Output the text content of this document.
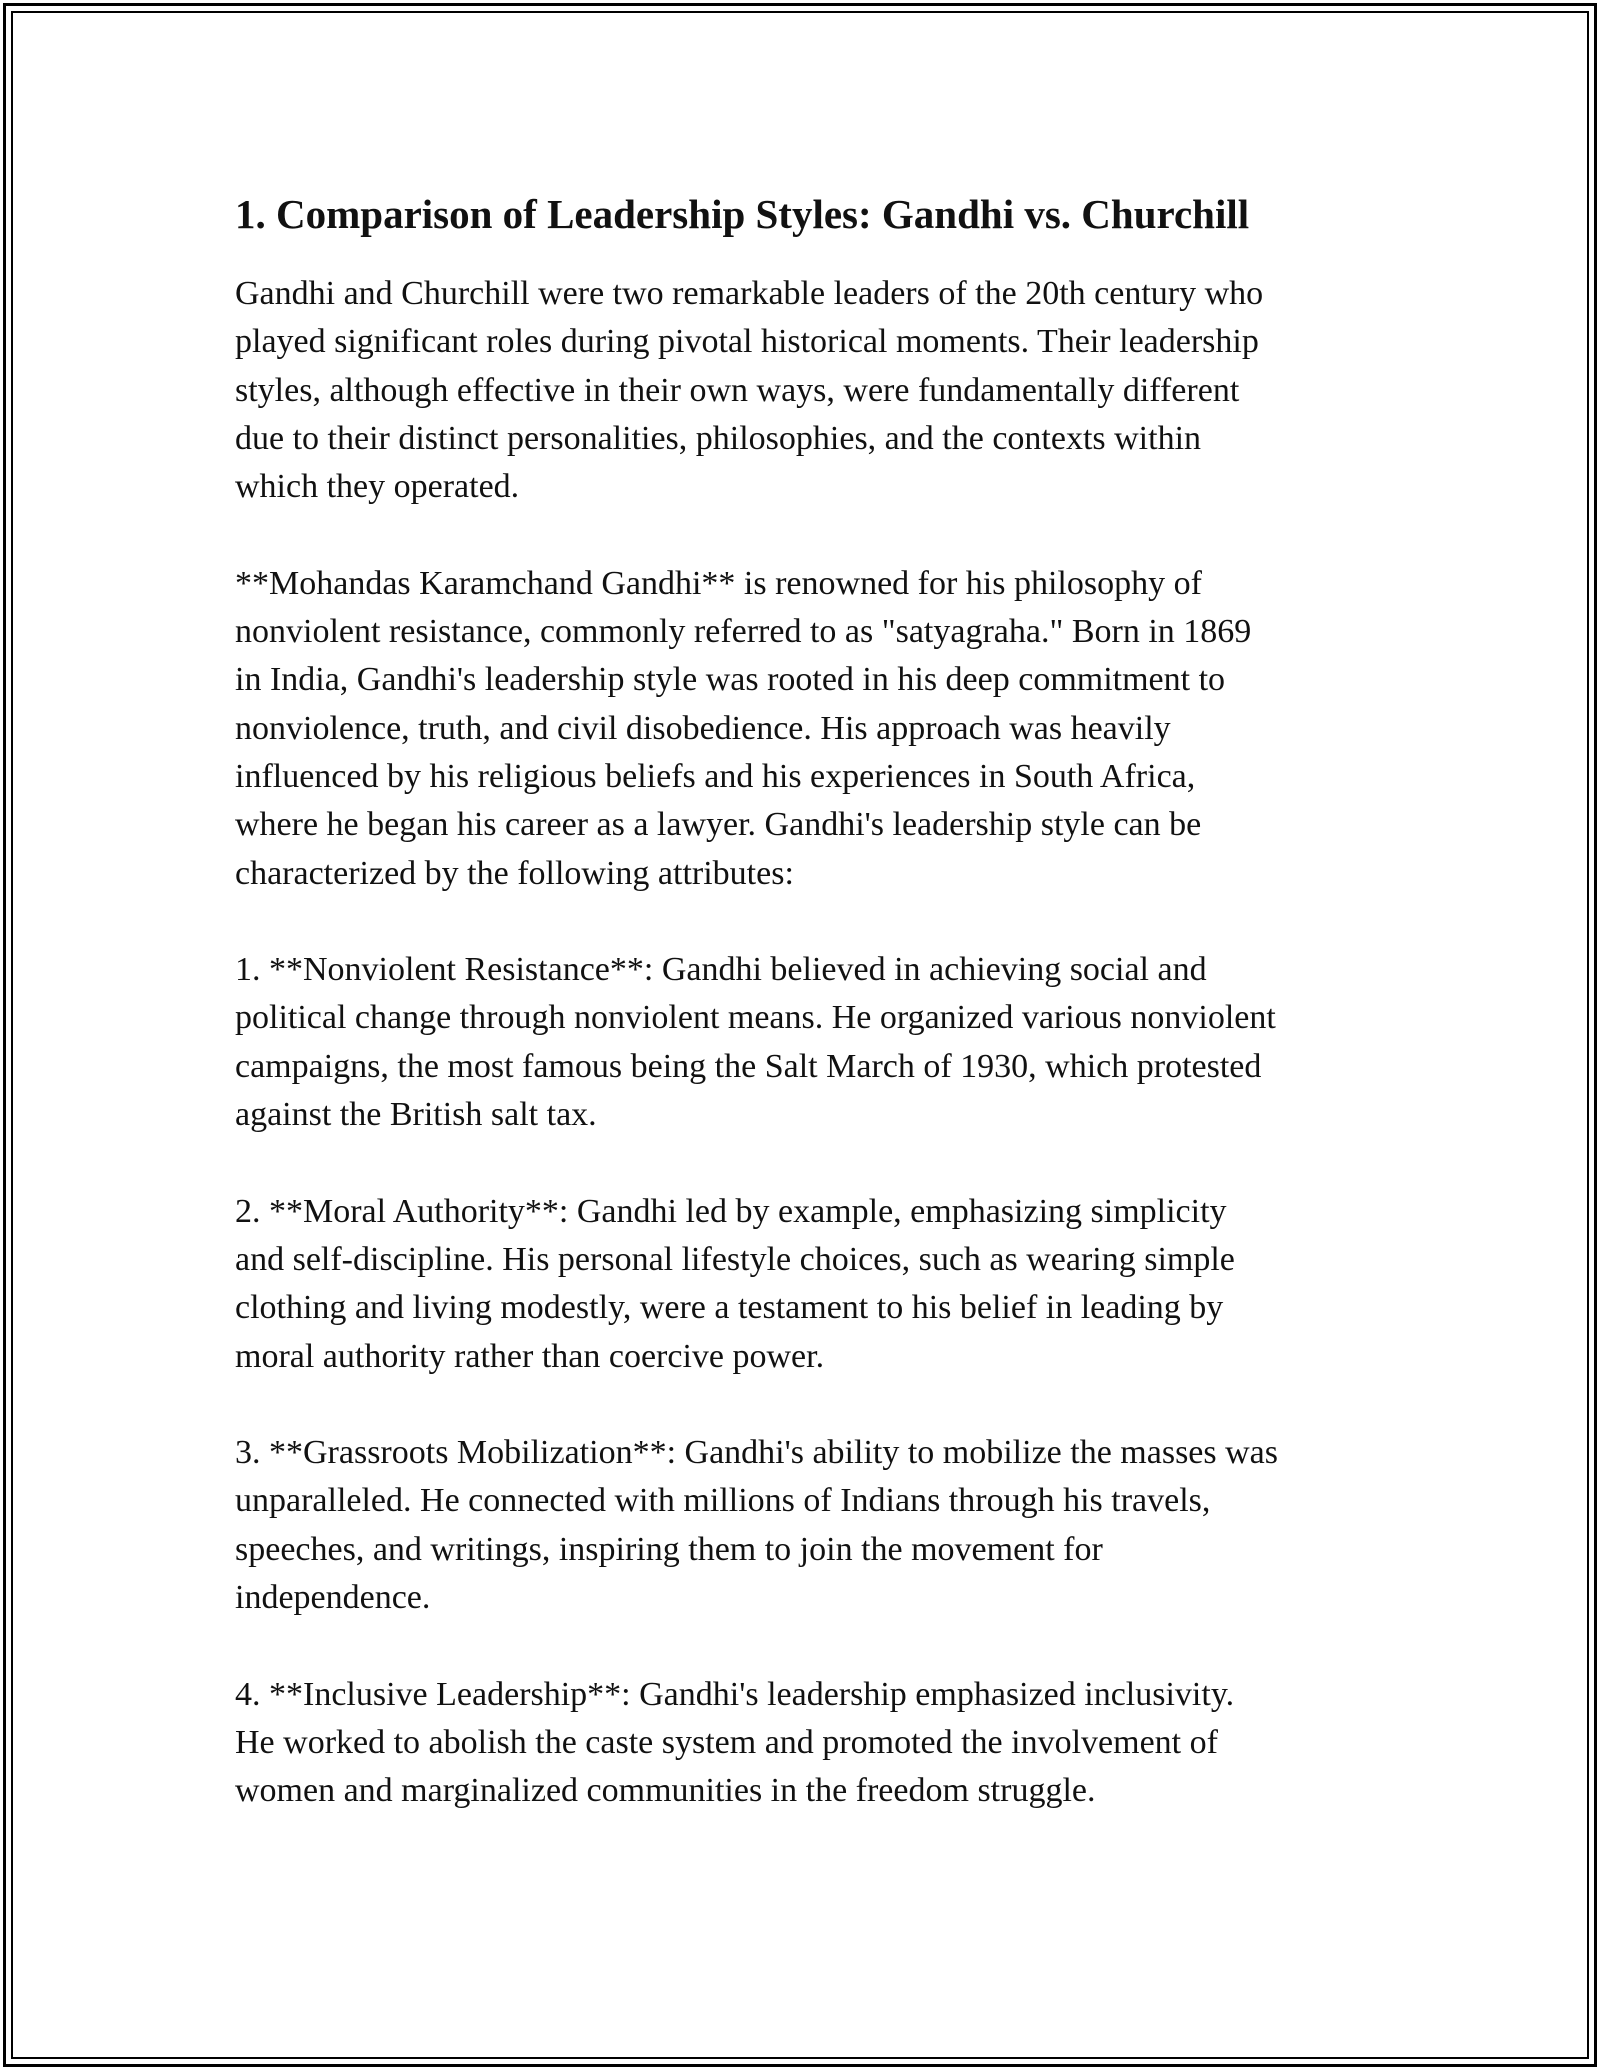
1. Comparison of Leadership Styles: Gandhi vs. Churchill

Gandhi and Churchill were two remarkable leaders of the 20th century who
played significant roles during pivotal historical moments. Their leadership
styles, although effective in their own ways, were fundamentally different
due to their distinct personalities, philosophies, and the contexts within
which they operated.

**Mohandas Karamchand Gandhi** is renowned for his philosophy of
nonviolent resistance, commonly referred to as "satyagraha." Born in 1869
in India, Gandhi's leadership style was rooted in his deep commitment to
nonviolence, truth, and civil disobedience. His approach was heavily
influenced by his religious beliefs and his experiences in South Africa,
where he began his career as a lawyer. Gandhi's leadership style can be
characterized by the following attributes:

1. **Nonviolent Resistance**: Gandhi believed in achieving social and
political change through nonviolent means. He organized various nonviolent
campaigns, the most famous being the Salt March of 1930, which protested
against the British salt tax.

2. **Moral Authority**: Gandhi led by example, emphasizing simplicity
and self-discipline. His personal lifestyle choices, such as wearing simple
clothing and living modestly, were a testament to his belief in leading by
moral authority rather than coercive power.

3. **Grassroots Mobilization**: Gandhi's ability to mobilize the masses was
unparalleled. He connected with millions of Indians through his travels,
speeches, and writings, inspiring them to join the movement for
independence.

4. **Inclusive Leadership**: Gandhi's leadership emphasized inclusivity.
He worked to abolish the caste system and promoted the involvement of
women and marginalized communities in the freedom struggle.
